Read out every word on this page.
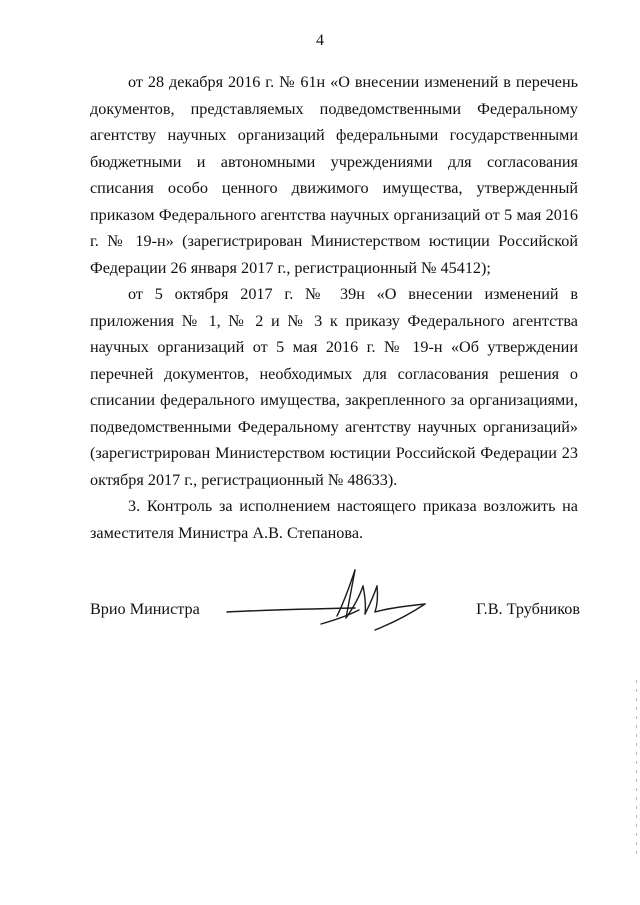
4

от 28 декабря 2016 г. № 61н «О внесении изменений в перечень документов, представляемых подведомственными Федеральному агентству научных организаций федеральными государственными бюджетными и автономными учреждениями для согласования списания особо ценного движимого имущества, утвержденный приказом Федерального агентства научных организаций от 5 мая 2016 г. № 19-н» (зарегистрирован Министерством юстиции Российской Федерации 26 января 2017 г., регистрационный № 45412);

от 5 октября 2017 г. № 39н «О внесении изменений в приложения № 1, № 2 и № 3 к приказу Федерального агентства научных организаций от 5 мая 2016 г. № 19-н «Об утверждении перечней документов, необходимых для согласования решения о списании федерального имущества, закрепленного за организациями, подведомственными Федеральному агентству научных организаций» (зарегистрирован Министерством юстиции Российской Федерации 23 октября 2017 г., регистрационный № 48633).

3. Контроль за исполнением настоящего приказа возложить на заместителя Министра А.В. Степанова.

Врио Министра	Г.В. Трубников
